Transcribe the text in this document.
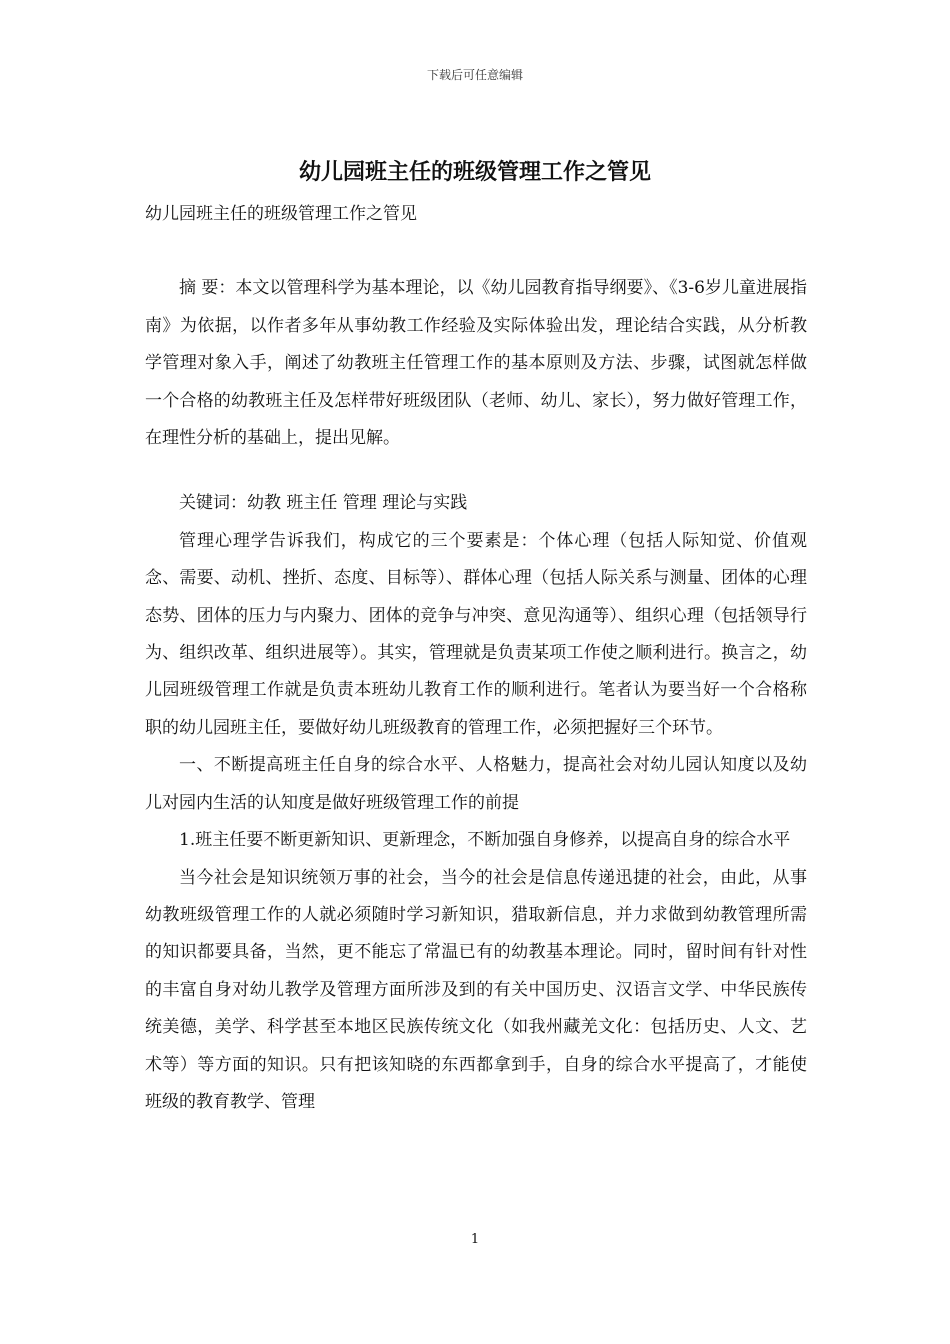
下载后可任意编辑
幼儿园班主任的班级管理工作之管见

幼儿园班主任的班级管理工作之管见

摘 要：本文以管理科学为基本理论，以《幼儿园教育指导纲要》、《3-6岁儿童进展指南》为依据，以作者多年从事幼教工作经验及实际体验出发，理论结合实践，从分析教学管理对象入手，阐述了幼教班主任管理工作的基本原则及方法、步骤，试图就怎样做一个合格的幼教班主任及怎样带好班级团队（老师、幼儿、家长），努力做好管理工作，在理性分析的基础上，提出见解。

关键词：幼教 班主任 管理 理论与实践

管理心理学告诉我们，构成它的三个要素是：个体心理（包括人际知觉、价值观念、需要、动机、挫折、态度、目标等）、群体心理（包括人际关系与测量、团体的心理态势、团体的压力与内聚力、团体的竞争与冲突、意见沟通等）、组织心理（包括领导行为、组织改革、组织进展等）。其实，管理就是负责某项工作使之顺利进行。换言之，幼儿园班级管理工作就是负责本班幼儿教育工作的顺利进行。笔者认为要当好一个合格称职的幼儿园班主任，要做好幼儿班级教育的管理工作，必须把握好三个环节。

一、不断提高班主任自身的综合水平、人格魅力，提高社会对幼儿园认知度以及幼儿对园内生活的认知度是做好班级管理工作的前提

1.班主任要不断更新知识、更新理念，不断加强自身修养，以提高自身的综合水平

当今社会是知识统领万事的社会，当今的社会是信息传递迅捷的社会，由此，从事幼教班级管理工作的人就必须随时学习新知识，猎取新信息，并力求做到幼教管理所需的知识都要具备，当然，更不能忘了常温已有的幼教基本理论。同时，留时间有针对性的丰富自身对幼儿教学及管理方面所涉及到的有关中国历史、汉语言文学、中华民族传统美德，美学、科学甚至本地区民族传统文化（如我州藏羌文化：包括历史、人文、艺术等）等方面的知识。只有把该知晓的东西都拿到手，自身的综合水平提高了，才能使班级的教育教学、管理

1
